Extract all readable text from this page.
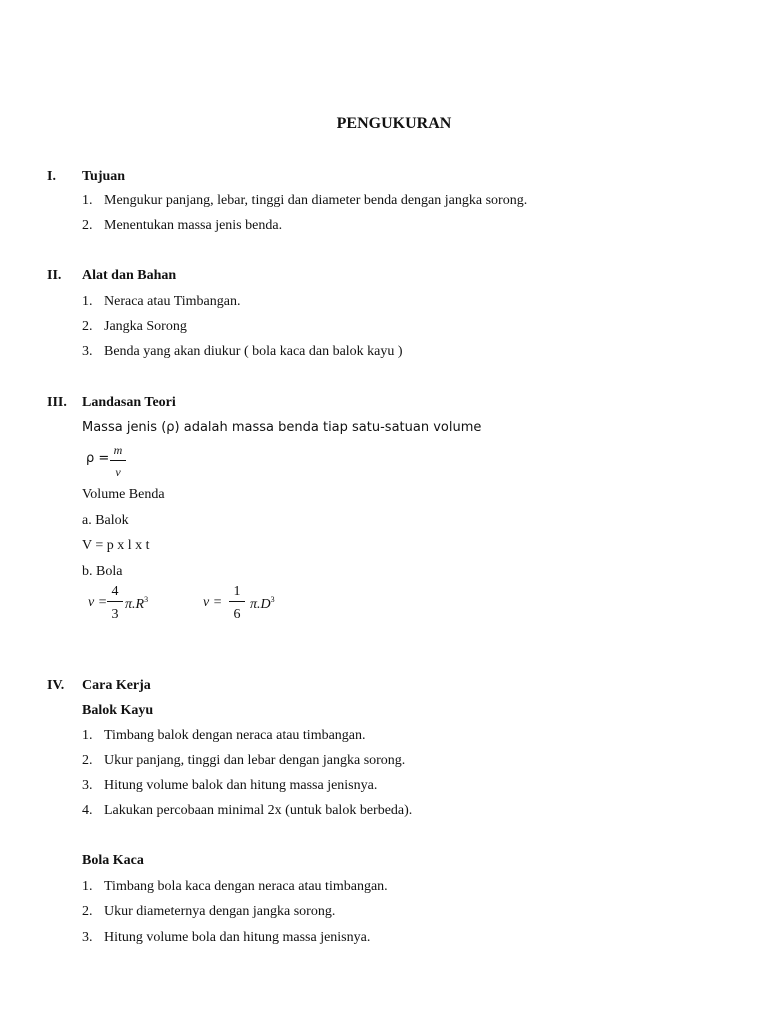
PENGUKURAN
I. Tujuan
1. Mengukur panjang, lebar, tinggi dan diameter benda dengan jangka sorong.
2. Menentukan massa jenis benda.
II. Alat dan Bahan
1. Neraca atau Timbangan.
2. Jangka Sorong
3. Benda yang akan diukur ( bola kaca dan balok kayu )
III. Landasan Teori
Massa jenis (ρ) adalah massa benda tiap satu-satuan volume
ρ =
m
v
Volume Benda
a. Balok
V = p x l x t
b. Bola
v =
4
3
$\pi.R^3$	v =
1
6
$\pi.D^3$
IV. Cara Kerja
Balok Kayu
1. Timbang balok dengan neraca atau timbangan.
2. Ukur panjang, tinggi dan lebar dengan jangka sorong.
3. Hitung volume balok dan hitung massa jenisnya.
4. Lakukan percobaan minimal 2x (untuk balok berbeda).
Bola Kaca
1. Timbang bola kaca dengan neraca atau timbangan.
2. Ukur diameternya dengan jangka sorong.
3. Hitung volume bola dan hitung massa jenisnya.
